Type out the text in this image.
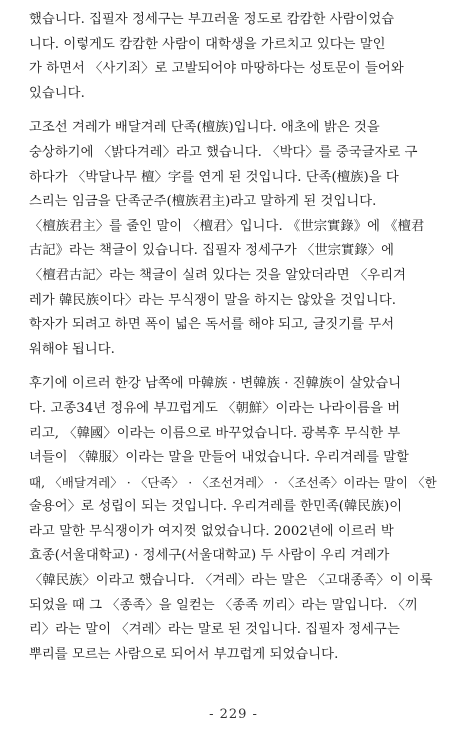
했습니다. 집필자 정세구는 부끄러울 정도로 캄캄한 사람이었습
니다. 이렇게도 캄캄한 사람이 대학생을 가르치고 있다는 말인
가 하면서 〈사기죄〉로 고발되어야 마땅하다는 성토문이 들어와
있습니다.
고조선 겨레가 배달겨레 단족(檀族)입니다. 애초에 밝은 것을
숭상하기에 〈밝다겨레〉라고 했습니다. 〈박다〉를 중국글자로 구
하다가 〈박달나무 檀〉字를 연게 된 것입니다. 단족(檀族)을 다
스리는 임금을 단족군주(檀族君主)라고 말하게 된 것입니다.
〈檀族君主〉를 줄인 말이 〈檀君〉입니다. 《世宗實錄》에 《檀君
古記》라는 책글이 있습니다. 집필자 정세구가 〈世宗實錄〉에
〈檀君古記〉라는 책글이 실려 있다는 것을 알았더라면 〈우리겨
레가 韓民族이다〉라는 무식쟁이 말을 하지는 않았을 것입니다.
학자가 되려고 하면 폭이 넓은 독서를 해야 되고, 글짓기를 무서
워해야 됩니다.
후기에 이르러 한강 남쪽에 마韓族 · 변韓族 · 진韓族이 살았습니
다. 고종34년 정유에 부끄럽게도 〈朝鮮〉이라는 나라이름을 버
리고, 〈韓國〉이라는 이름으로 바꾸었습니다. 광복후 무식한 부
녀들이 〈韓服〉이라는 말을 만들어 내었습니다. 우리겨레를 말할
때, 〈배달겨레〉 · 〈단족〉 · 〈조선겨레〉 · 〈조선족〉이라는 말이 〈한
술용어〉로 성립이 되는 것입니다. 우리겨레를 한민족(韓民族)이
라고 말한 무식쟁이가 여지껏 없었습니다. 2002년에 이르러 박
효종(서울대학교) · 정세구(서울대학교) 두 사람이 우리 겨레가
〈韓民族〉이라고 했습니다. 〈겨레〉라는 말은 〈고대종족〉이 이룩
되었을 때 그 〈종족〉을 일컫는 〈종족 끼리〉라는 말입니다. 〈끼
리〉라는 말이 〈겨레〉라는 말로 된 것입니다. 집필자 정세구는
뿌리를 모르는 사람으로 되어서 부끄럽게 되었습니다.
- 229 -
